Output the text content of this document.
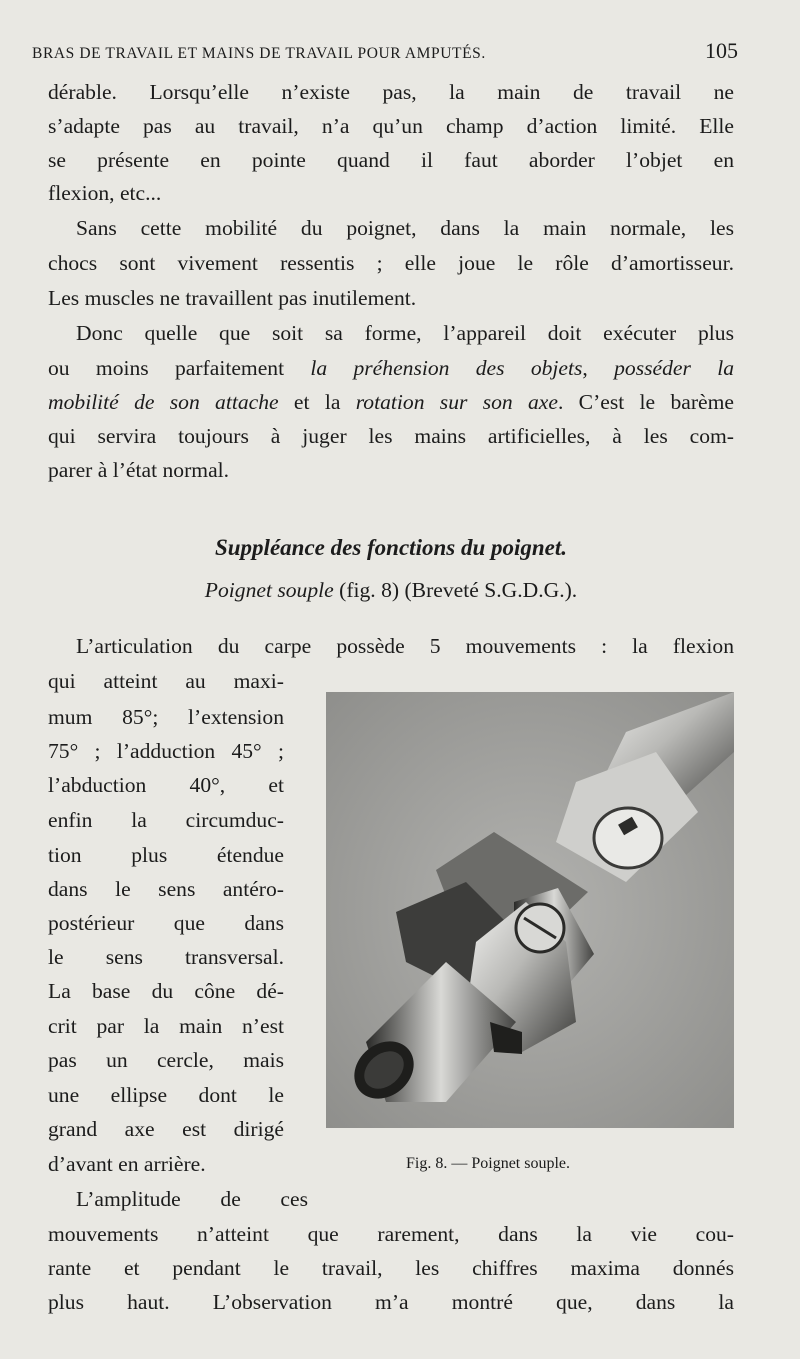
BRAS DE TRAVAIL ET MAINS DE TRAVAIL POUR AMPUTÉS.	105
dérable. Lorsqu’elle n’existe pas, la main de travail ne
s’adapte pas au travail, n’a qu’un champ d’action limité. Elle
se présente en pointe quand il faut aborder l’objet en
flexion, etc...
Sans cette mobilité du poignet, dans la main normale, les
chocs sont vivement ressentis ; elle joue le rôle d’amortisseur.
Les muscles ne travaillent pas inutilement.
Donc quelle que soit sa forme, l’appareil doit exécuter plus
ou moins parfaitement la préhension des objets, posséder la
mobilité de son attache et la rotation sur son axe. C’est le barème
qui servira toujours à juger les mains artificielles, à les com-
parer à l’état normal.
Suppléance des fonctions du poignet.
Poignet souple (fig. 8) (Breveté S.G.D.G.).
L’articulation du carpe possède 5 mouvements : la flexion
qui atteint au maxi-
mum 85°; l’extension
75° ; l’adduction 45° ;
l’abduction 40°, et
enfin la circumduc-
tion plus étendue
dans le sens antéro-
postérieur que dans
le sens transversal.
La base du cône dé-
crit par la main n’est
pas un cercle, mais
une ellipse dont le
grand axe est dirigé
d’avant en arrière.	Fig. 8. — Poignet souple.
L’amplitude de ces
mouvements n’atteint que rarement, dans la vie cou-
rante et pendant le travail, les chiffres maxima donnés
plus haut. L’observation m’a montré que, dans la
